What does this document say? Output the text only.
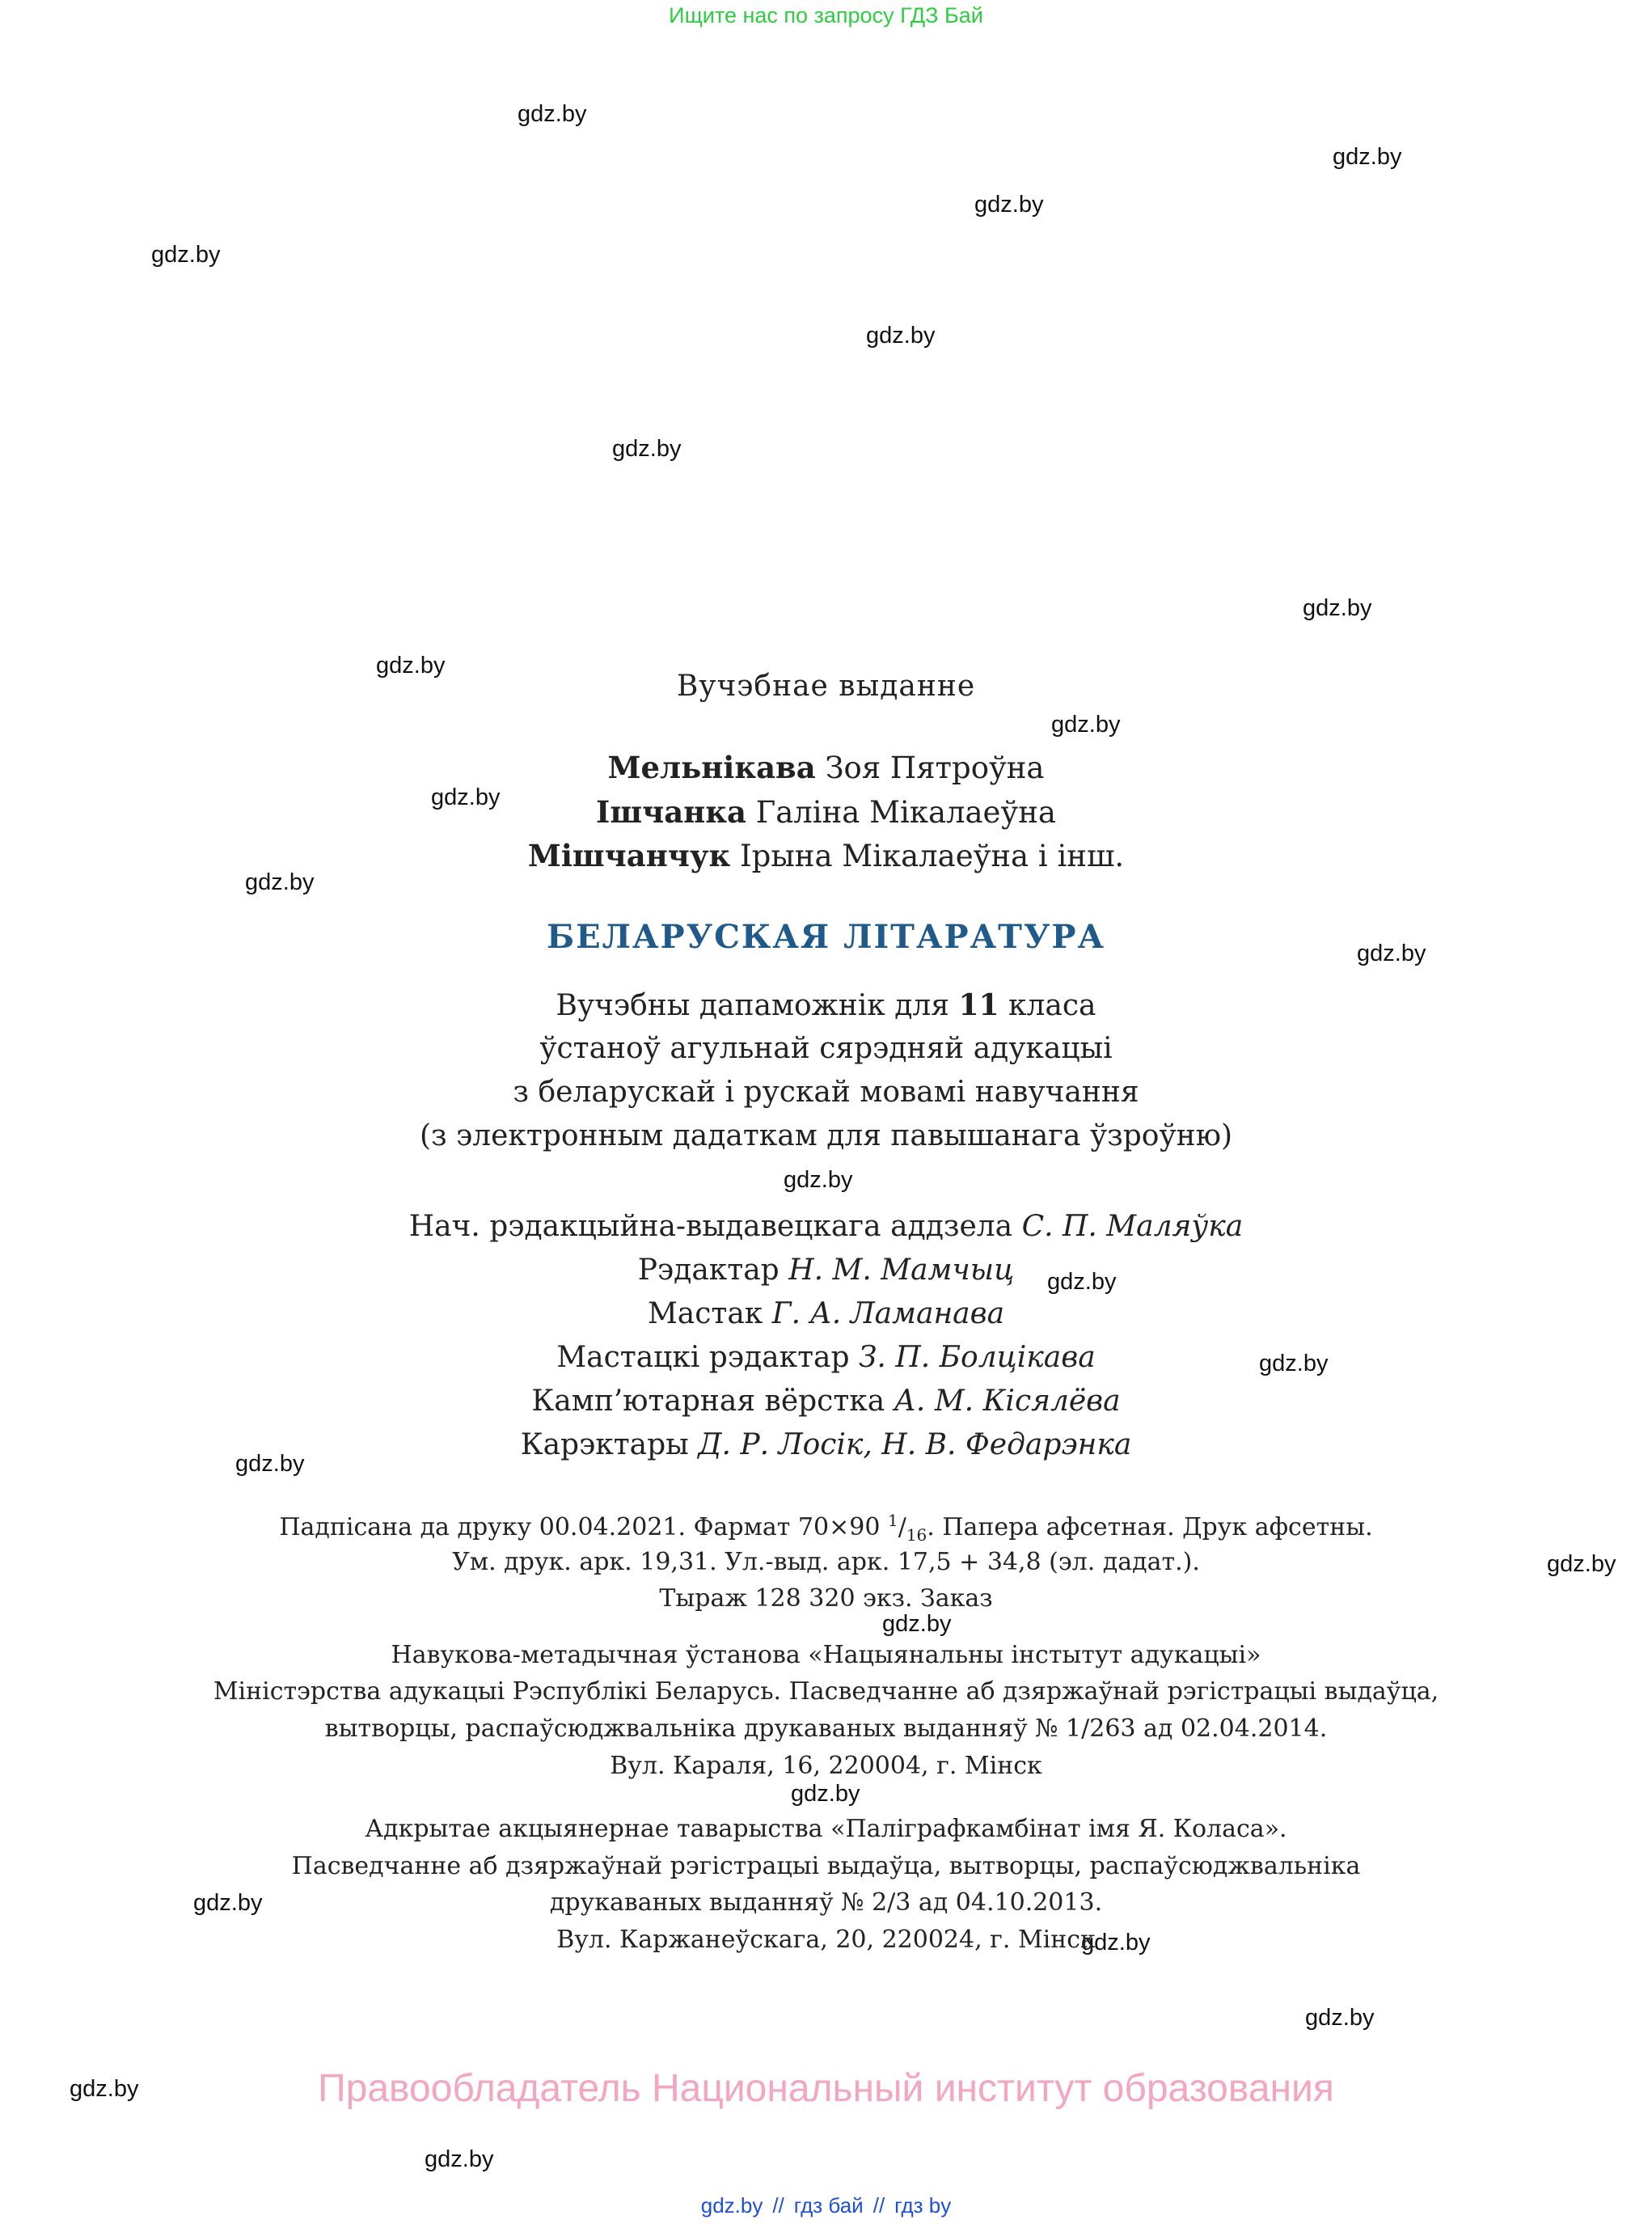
Ищите нас по запросу ГДЗ Бай
gdz.by
gdz.by
gdz.by
gdz.by
gdz.by
gdz.by
gdz.by
gdz.by
gdz.by
gdz.by
gdz.by
gdz.by
gdz.by
gdz.by
gdz.by
gdz.by
gdz.by
gdz.by
gdz.by
gdz.by
gdz.by
gdz.by
gdz.by
gdz.by
Вучэбнае выданне
Мельнікава Зоя Пятроўна
Ішчанка Галіна Мікалаеўна
Мішчанчук Ірына Мікалаеўна і інш.
БЕЛАРУСКАЯ ЛІТАРАТУРА
Вучэбны дапаможнік для 11 класа
ўстаноў агульнай сярэдняй адукацыі
з беларускай і рускай мовамі навучання
(з электронным дадаткам для павышанага ўзроўню)
Нач. рэдакцыйна-выдавецкага аддзела С. П. Маляўка
Рэдактар Н. М. Мамчыц
Мастак Г. А. Ламанава
Мастацкі рэдактар З. П. Болцікава
Камп’ютарная вёрстка А. М. Кісялёва
Карэктары Д. Р. Лосік, Н. В. Федарэнка
Падпісана да друку 00.04.2021. Фармат 70×90 $^1/_{16}$. Папера афсетная. Друк афсетны.
Ум. друк. арк. 19,31. Ул.-выд. арк. 17,5 + 34,8 (эл. дадат.).
Тыраж 128 320 экз. Заказ
Навукова-метадычная ўстанова «Нацыянальны інстытут адукацыі»
Міністэрства адукацыі Рэспублікі Беларусь. Пасведчанне аб дзяржаўнай рэгістрацыі выдаўца,
вытворцы, распаўсюджвальніка друкаваных выданняў № 1/263 ад 02.04.2014.
Вул. Караля, 16, 220004, г. Мінск
Адкрытае акцыянернае таварыства «Паліграфкамбінат імя Я. Коласа».
Пасведчанне аб дзяржаўнай рэгістрацыі выдаўца, вытворцы, распаўсюджвальніка
друкаваных выданняў № 2/3 ад 04.10.2013.
Вул. Каржанеўскага, 20, 220024, г. Мінск
Правообладатель Национальный институт образования
gdz.by // гдз бай // гдз by
